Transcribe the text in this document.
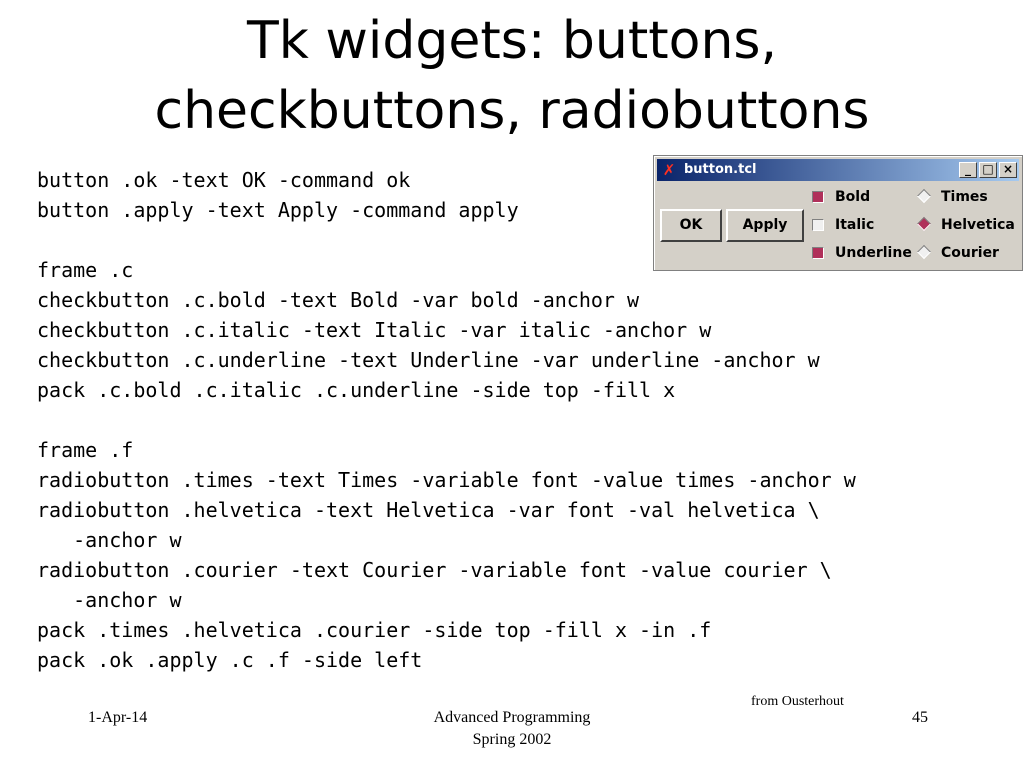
Tk widgets: buttons,
checkbuttons, radiobuttons
button .ok -text OK -command ok
button .apply -text Apply -command apply
frame .c
checkbutton .c.bold -text Bold -var bold -anchor w
checkbutton .c.italic -text Italic -var italic -anchor w
checkbutton .c.underline -text Underline -var underline -anchor w
pack .c.bold .c.italic .c.underline -side top -fill x
frame .f
radiobutton .times -text Times -variable font -value times -anchor w
radiobutton .helvetica -text Helvetica -var font -val helvetica \
-anchor w
radiobutton .courier -text Courier -variable font -value courier \
-anchor w
pack .times .helvetica .courier -side top -fill x -in .f
pack .ok .apply .c .f -side left
✗ button.tcl	_ □ ×
OK	Apply
Bold
Italic
Underline
Times
Helvetica
Courier
from Ousterhout
1-Apr-14	Advanced Programming
Spring 2002
45
